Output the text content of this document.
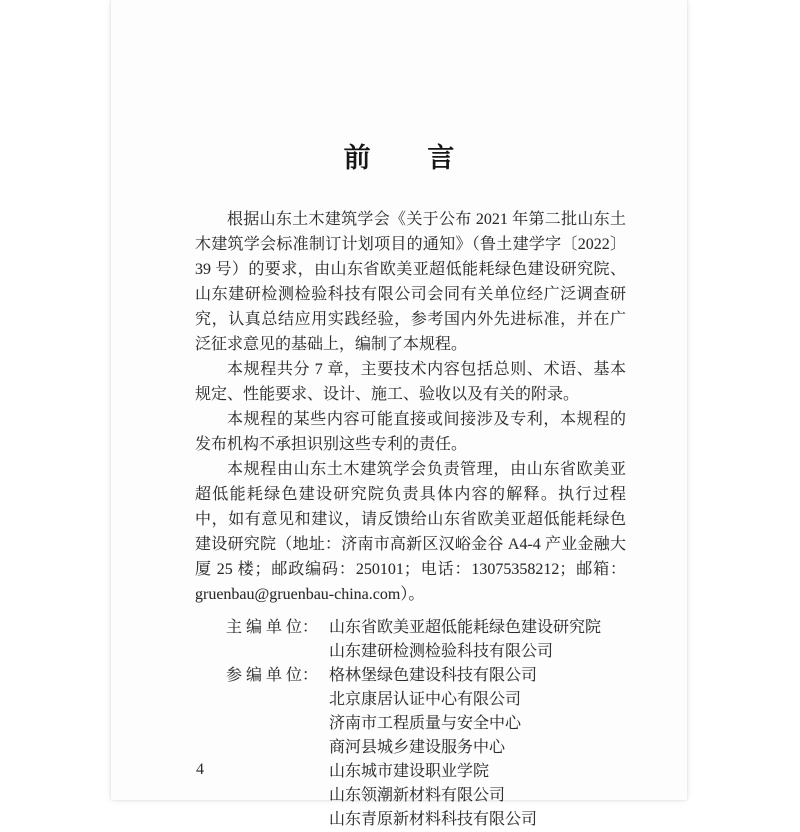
前　言

根据山东土木建筑学会《关于公布 2021 年第二批山东土木建筑学会标准制订计划项目的通知》（鲁土建学字〔2022〕39 号）的要求，由山东省欧美亚超低能耗绿色建设研究院、山东建研检测检验科技有限公司会同有关单位经广泛调查研究，认真总结应用实践经验，参考国内外先进标准，并在广泛征求意见的基础上，编制了本规程。

本规程共分 7 章，主要技术内容包括总则、术语、基本规定、性能要求、设计、施工、验收以及有关的附录。

本规程的某些内容可能直接或间接涉及专利，本规程的发布机构不承担识别这些专利的责任。

本规程由山东土木建筑学会负责管理，由山东省欧美亚超低能耗绿色建设研究院负责具体内容的解释。执行过程中，如有意见和建议，请反馈给山东省欧美亚超低能耗绿色建设研究院（地址：济南市高新区汉峪金谷 A4-4 产业金融大厦 25 楼；邮政编码：250101；电话：13075358212；邮箱：gruenbau@gruenbau-china.com）。

主 编 单 位： 山东省欧美亚超低能耗绿色建设研究院
山东建研检测检验科技有限公司
参 编 单 位： 格林堡绿色建设科技有限公司
北京康居认证中心有限公司
济南市工程质量与安全中心
商河县城乡建设服务中心
山东城市建设职业学院
山东领潮新材料有限公司
山东青原新材料科技有限公司
4
